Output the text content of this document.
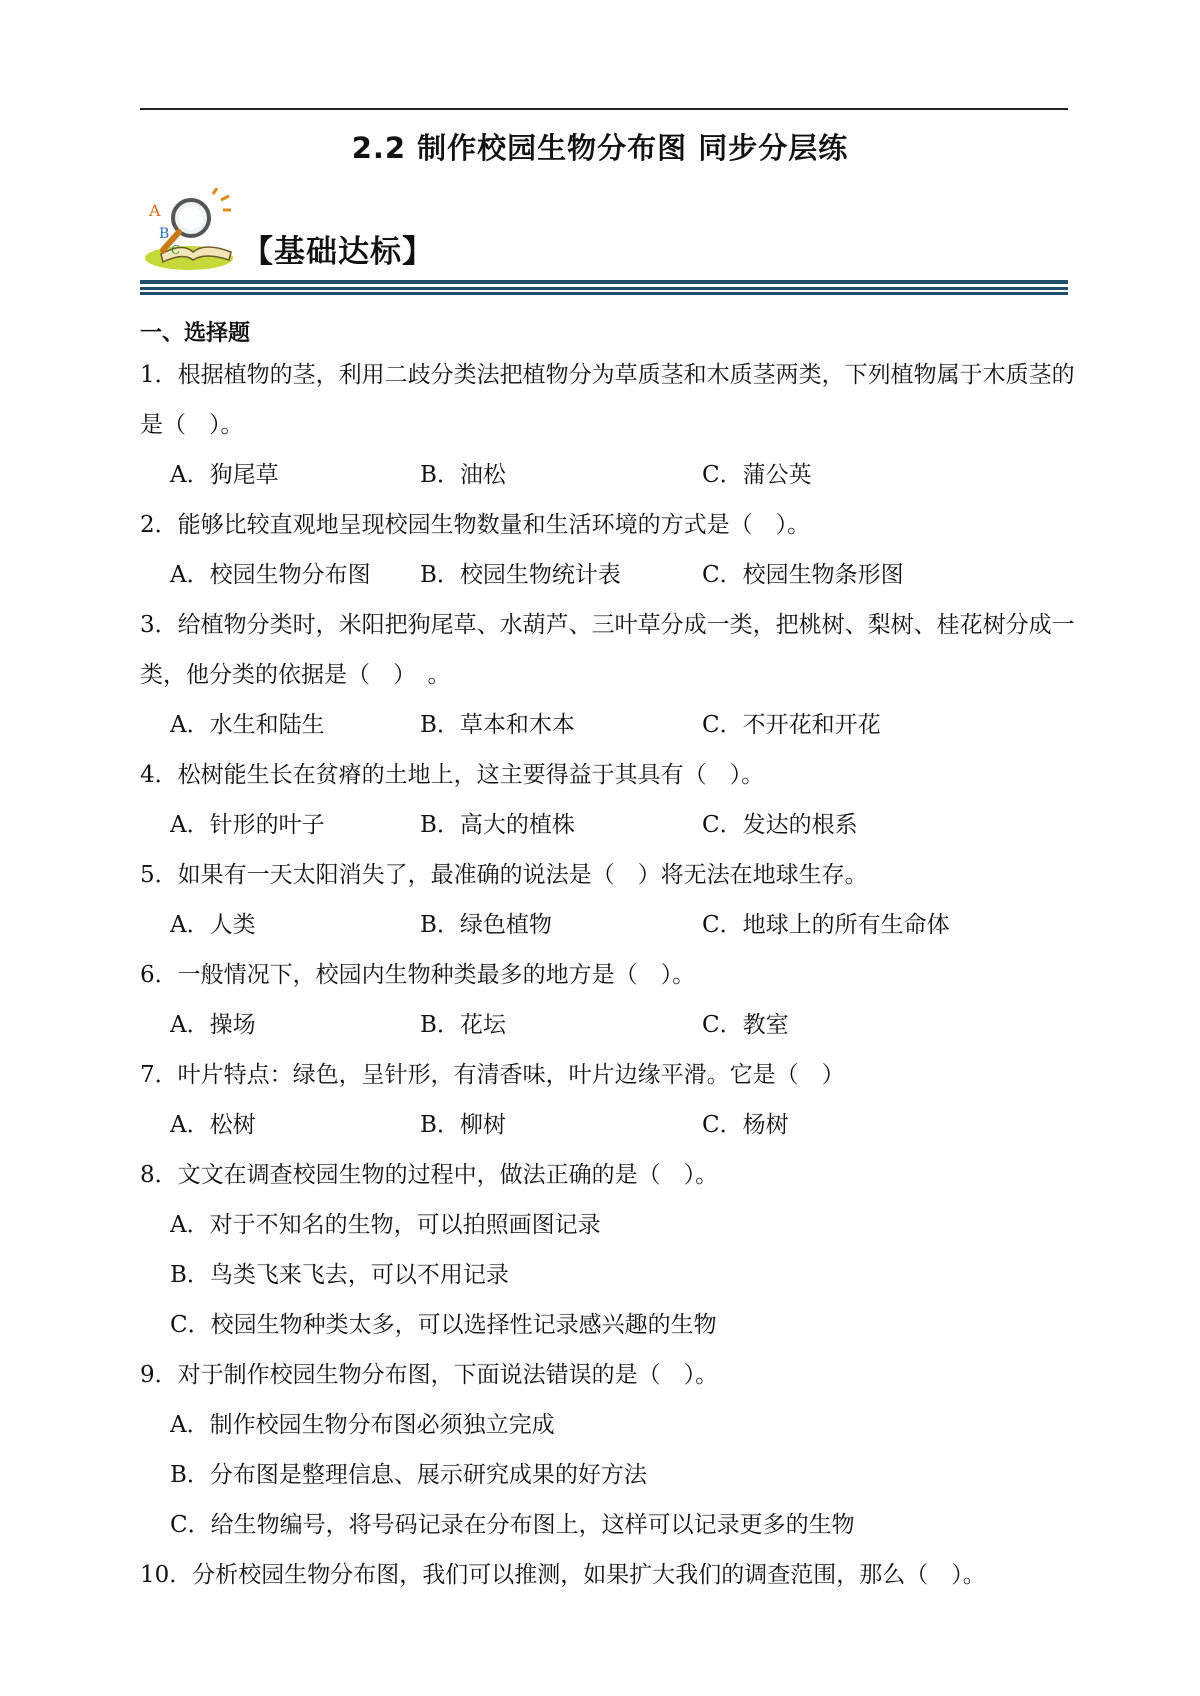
2.2 制作校园生物分布图 同步分层练
A
B
C 【基础达标】
一、选择题
1．根据植物的茎，利用二歧分类法把植物分为草质茎和木质茎两类，下列植物属于木质茎的是（　）。
A．狗尾草	B．油松	C．蒲公英
2．能够比较直观地呈现校园生物数量和生活环境的方式是（　）。
A．校园生物分布图	B．校园生物统计表	C．校园生物条形图
3．给植物分类时，米阳把狗尾草、水葫芦、三叶草分成一类，把桃树、梨树、桂花树分成一类，他分类的依据是（　）　。
A．水生和陆生	B．草本和木本	C．不开花和开花
4．松树能生长在贫瘠的土地上，这主要得益于其具有（　）。
A．针形的叶子	B．高大的植株	C．发达的根系
5．如果有一天太阳消失了，最准确的说法是（　）将无法在地球生存。
A．人类	B．绿色植物	C．地球上的所有生命体
6．一般情况下，校园内生物种类最多的地方是（　）。
A．操场	B．花坛	C．教室
7．叶片特点：绿色，呈针形，有清香味，叶片边缘平滑。它是（　）
A．松树	B．柳树	C．杨树
8．文文在调查校园生物的过程中，做法正确的是（　）。
A．对于不知名的生物，可以拍照画图记录
B．鸟类飞来飞去，可以不用记录
C．校园生物种类太多，可以选择性记录感兴趣的生物
9．对于制作校园生物分布图，下面说法错误的是（　）。
A．制作校园生物分布图必须独立完成
B．分布图是整理信息、展示研究成果的好方法
C．给生物编号，将号码记录在分布图上，这样可以记录更多的生物
10．分析校园生物分布图，我们可以推测，如果扩大我们的调查范围，那么（　）。
